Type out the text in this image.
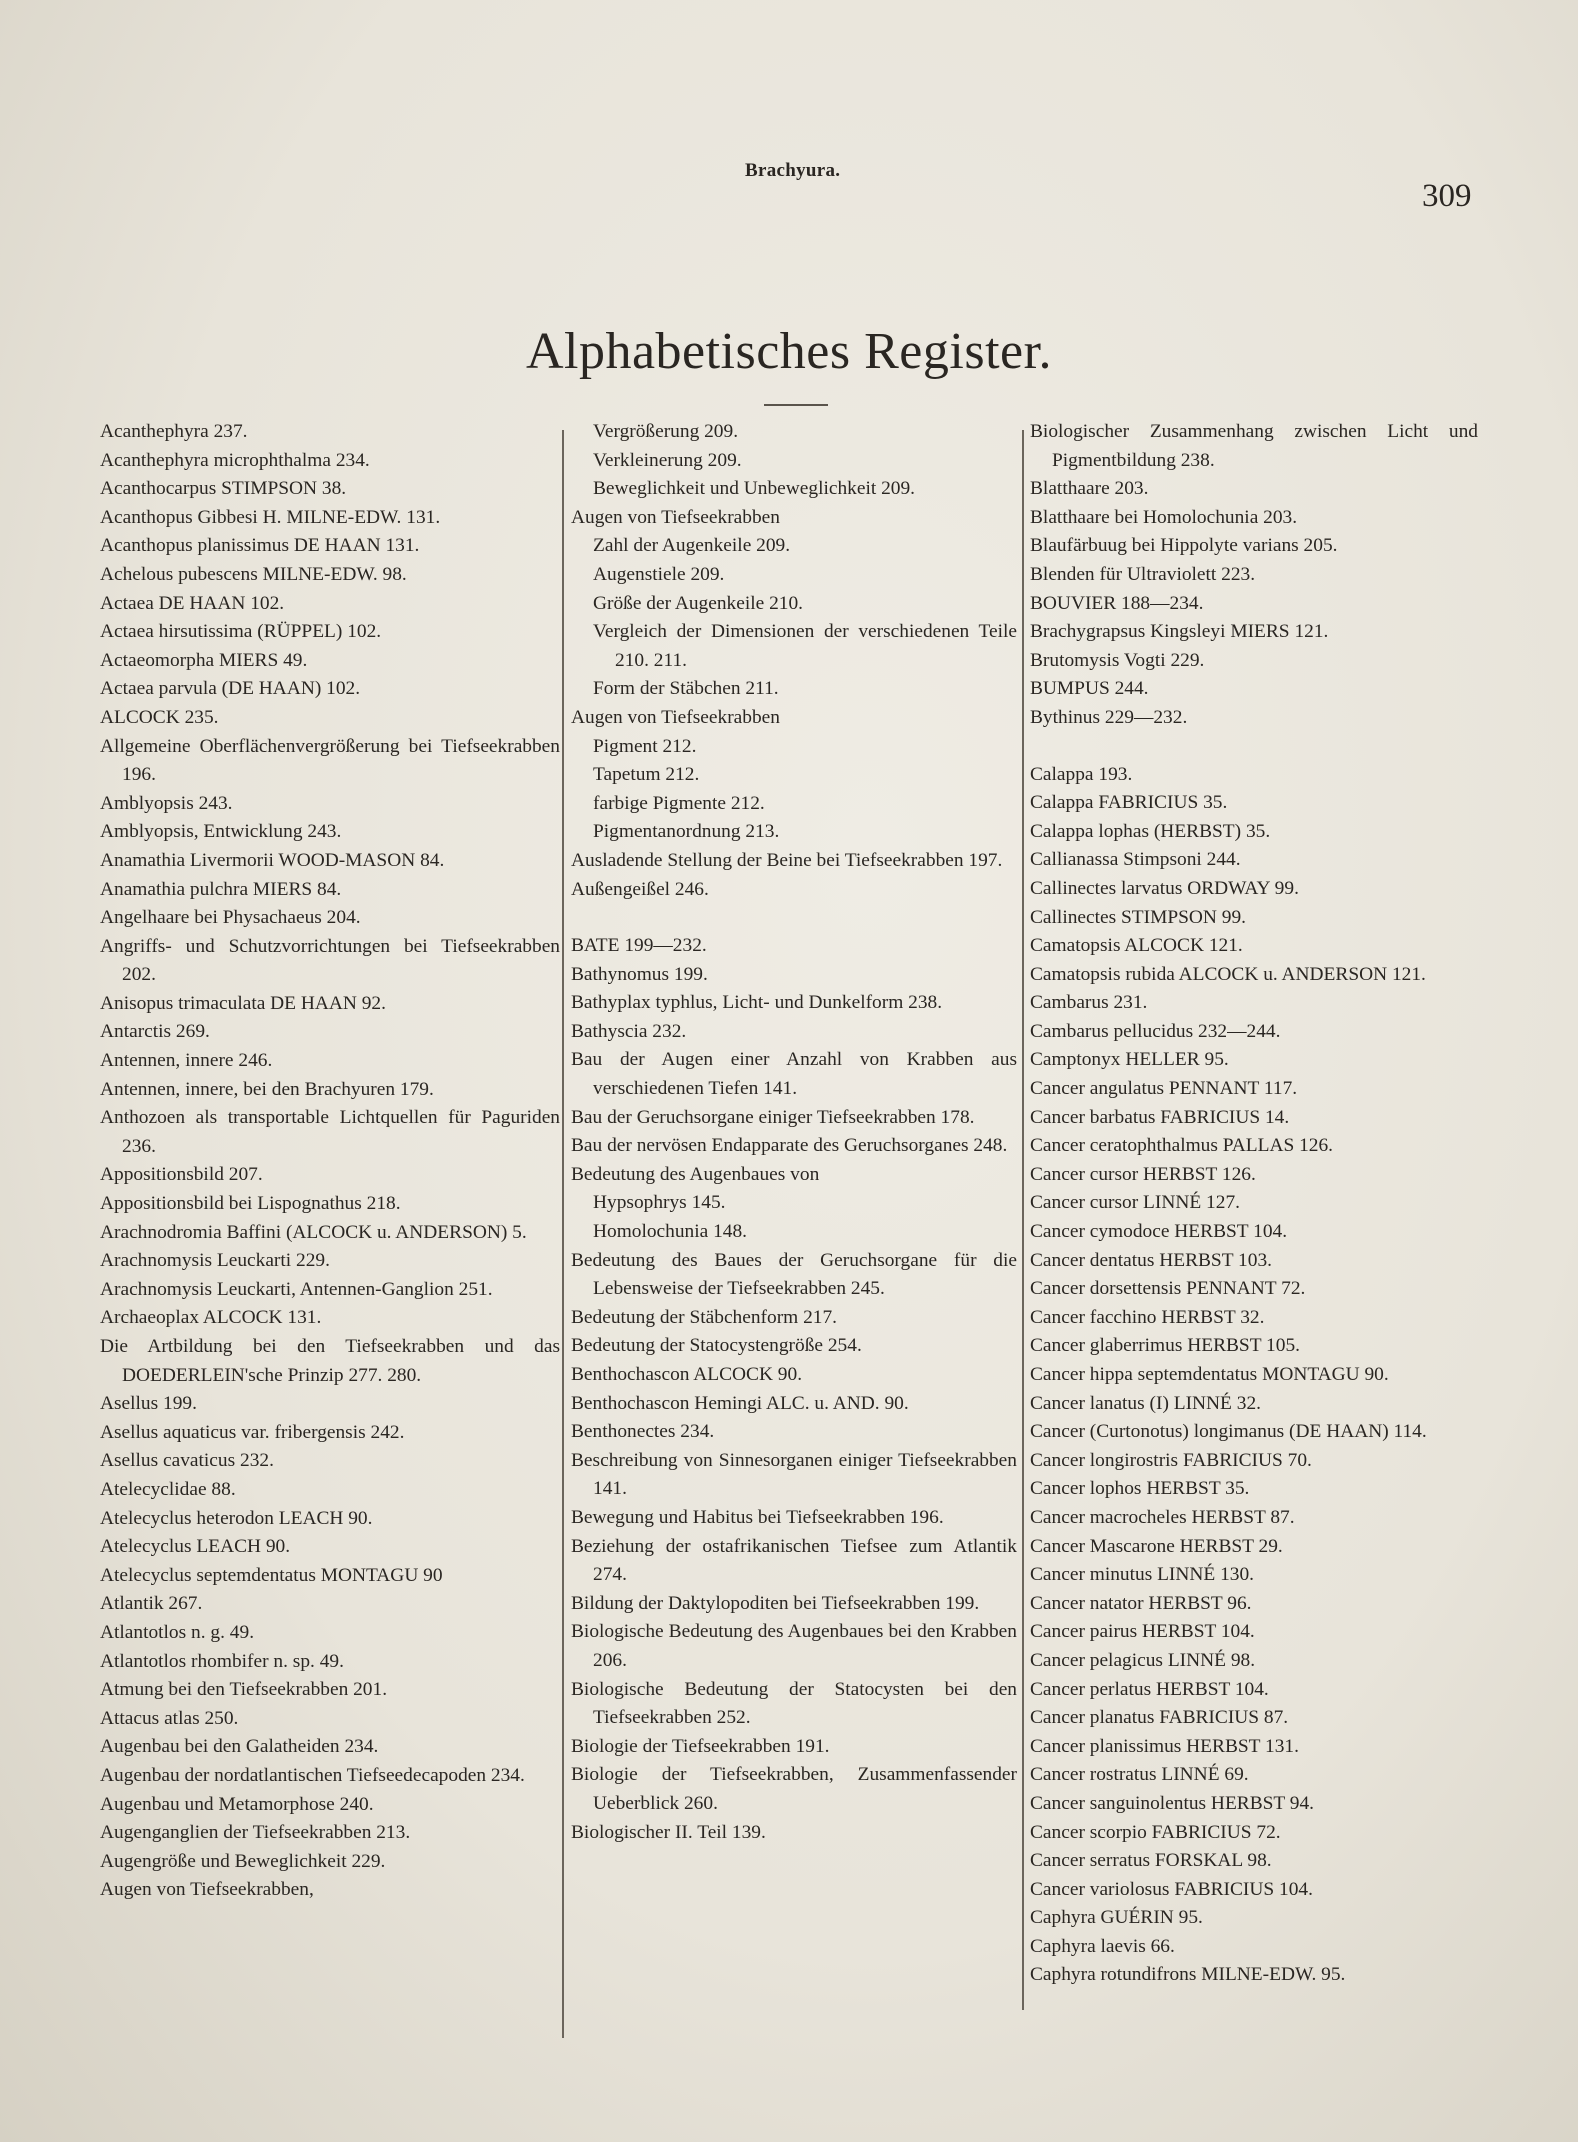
Brachyura.
309
Alphabetisches Register.
Acanthephyra 237.
Acanthephyra microphthalma 234.
Acanthocarpus STIMPSON 38.
Acanthopus Gibbesi H. MILNE-EDW. 131.
Acanthopus planissimus DE HAAN 131.
Achelous pubescens MILNE-EDW. 98.
Actaea DE HAAN 102.
Actaea hirsutissima (RÜPPEL) 102.
Actaeomorpha MIERS 49.
Actaea parvula (DE HAAN) 102.
ALCOCK 235.
Allgemeine Oberflächenvergrößerung bei Tiefseekrabben 196.
Amblyopsis 243.
Amblyopsis, Entwicklung 243.
Anamathia Livermorii WOOD-MASON 84.
Anamathia pulchra MIERS 84.
Angelhaare bei Physachaeus 204.
Angriffs- und Schutzvorrichtungen bei Tiefseekrabben 202.
Anisopus trimaculata DE HAAN 92.
Antarctis 269.
Antennen, innere 246.
Antennen, innere, bei den Brachyuren 179.
Anthozoen als transportable Lichtquellen für Paguriden 236.
Appositionsbild 207.
Appositionsbild bei Lispognathus 218.
Arachnodromia Baffini (ALCOCK u. ANDERSON) 5.
Arachnomysis Leuckarti 229.
Arachnomysis Leuckarti, Antennen-Ganglion 251.
Archaeoplax ALCOCK 131.
Die Artbildung bei den Tiefseekrabben und das DOEDERLEIN'sche Prinzip 277. 280.
Asellus 199.
Asellus aquaticus var. fribergensis 242.
Asellus cavaticus 232.
Atelecyclidae 88.
Atelecyclus heterodon LEACH 90.
Atelecyclus LEACH 90.
Atelecyclus septemdentatus MONTAGU 90
Atlantik 267.
Atlantotlos n. g. 49.
Atlantotlos rhombifer n. sp. 49.
Atmung bei den Tiefseekrabben 201.
Attacus atlas 250.
Augenbau bei den Galatheiden 234.
Augenbau der nordatlantischen Tiefseedecapoden 234.
Augenbau und Metamorphose 240.
Augenganglien der Tiefseekrabben 213.
Augengröße und Beweglichkeit 229.
Augen von Tiefseekrabben,
Vergrößerung 209.
Verkleinerung 209.
Beweglichkeit und Unbeweglichkeit 209.
Augen von Tiefseekrabben
Zahl der Augenkeile 209.
Augenstiele 209.
Größe der Augenkeile 210.
Vergleich der Dimensionen der verschiedenen Teile 210. 211.
Form der Stäbchen 211.
Augen von Tiefseekrabben
Pigment 212.
Tapetum 212.
farbige Pigmente 212.
Pigmentanordnung 213.
Ausladende Stellung der Beine bei Tiefseekrabben 197.
Außengeißel 246.
BATE 199—232.
Bathynomus 199.
Bathyplax typhlus, Licht- und Dunkelform 238.
Bathyscia 232.
Bau der Augen einer Anzahl von Krabben aus verschiedenen Tiefen 141.
Bau der Geruchsorgane einiger Tiefseekrabben 178.
Bau der nervösen Endapparate des Geruchsorganes 248.
Bedeutung des Augenbaues von
Hypsophrys 145.
Homolochunia 148.
Bedeutung des Baues der Geruchsorgane für die Lebensweise der Tiefseekrabben 245.
Bedeutung der Stäbchenform 217.
Bedeutung der Statocystengröße 254.
Benthochascon ALCOCK 90.
Benthochascon Hemingi ALC. u. AND. 90.
Benthonectes 234.
Beschreibung von Sinnesorganen einiger Tiefseekrabben 141.
Bewegung und Habitus bei Tiefseekrabben 196.
Beziehung der ostafrikanischen Tiefsee zum Atlantik 274.
Bildung der Daktylopoditen bei Tiefseekrabben 199.
Biologische Bedeutung des Augenbaues bei den Krabben 206.
Biologische Bedeutung der Statocysten bei den Tiefseekrabben 252.
Biologie der Tiefseekrabben 191.
Biologie der Tiefseekrabben, Zusammenfassender Ueberblick 260.
Biologischer II. Teil 139.
Biologischer Zusammenhang zwischen Licht und Pigmentbildung 238.
Blatthaare 203.
Blatthaare bei Homolochunia 203.
Blaufärbuug bei Hippolyte varians 205.
Blenden für Ultraviolett 223.
BOUVIER 188—234.
Brachygrapsus Kingsleyi MIERS 121.
Brutomysis Vogti 229.
BUMPUS 244.
Bythinus 229—232.
Calappa 193.
Calappa FABRICIUS 35.
Calappa lophas (HERBST) 35.
Callianassa Stimpsoni 244.
Callinectes larvatus ORDWAY 99.
Callinectes STIMPSON 99.
Camatopsis ALCOCK 121.
Camatopsis rubida ALCOCK u. ANDERSON 121.
Cambarus 231.
Cambarus pellucidus 232—244.
Camptonyx HELLER 95.
Cancer angulatus PENNANT 117.
Cancer barbatus FABRICIUS 14.
Cancer ceratophthalmus PALLAS 126.
Cancer cursor HERBST 126.
Cancer cursor LINNÉ 127.
Cancer cymodoce HERBST 104.
Cancer dentatus HERBST 103.
Cancer dorsettensis PENNANT 72.
Cancer facchino HERBST 32.
Cancer glaberrimus HERBST 105.
Cancer hippa septemdentatus MONTAGU 90.
Cancer lanatus (I) LINNÉ 32.
Cancer (Curtonotus) longimanus (DE HAAN) 114.
Cancer longirostris FABRICIUS 70.
Cancer lophos HERBST 35.
Cancer macrocheles HERBST 87.
Cancer Mascarone HERBST 29.
Cancer minutus LINNÉ 130.
Cancer natator HERBST 96.
Cancer pairus HERBST 104.
Cancer pelagicus LINNÉ 98.
Cancer perlatus HERBST 104.
Cancer planatus FABRICIUS 87.
Cancer planissimus HERBST 131.
Cancer rostratus LINNÉ 69.
Cancer sanguinolentus HERBST 94.
Cancer scorpio FABRICIUS 72.
Cancer serratus FORSKAL 98.
Cancer variolosus FABRICIUS 104.
Caphyra GUÉRIN 95.
Caphyra laevis 66.
Caphyra rotundifrons MILNE-EDW. 95.
